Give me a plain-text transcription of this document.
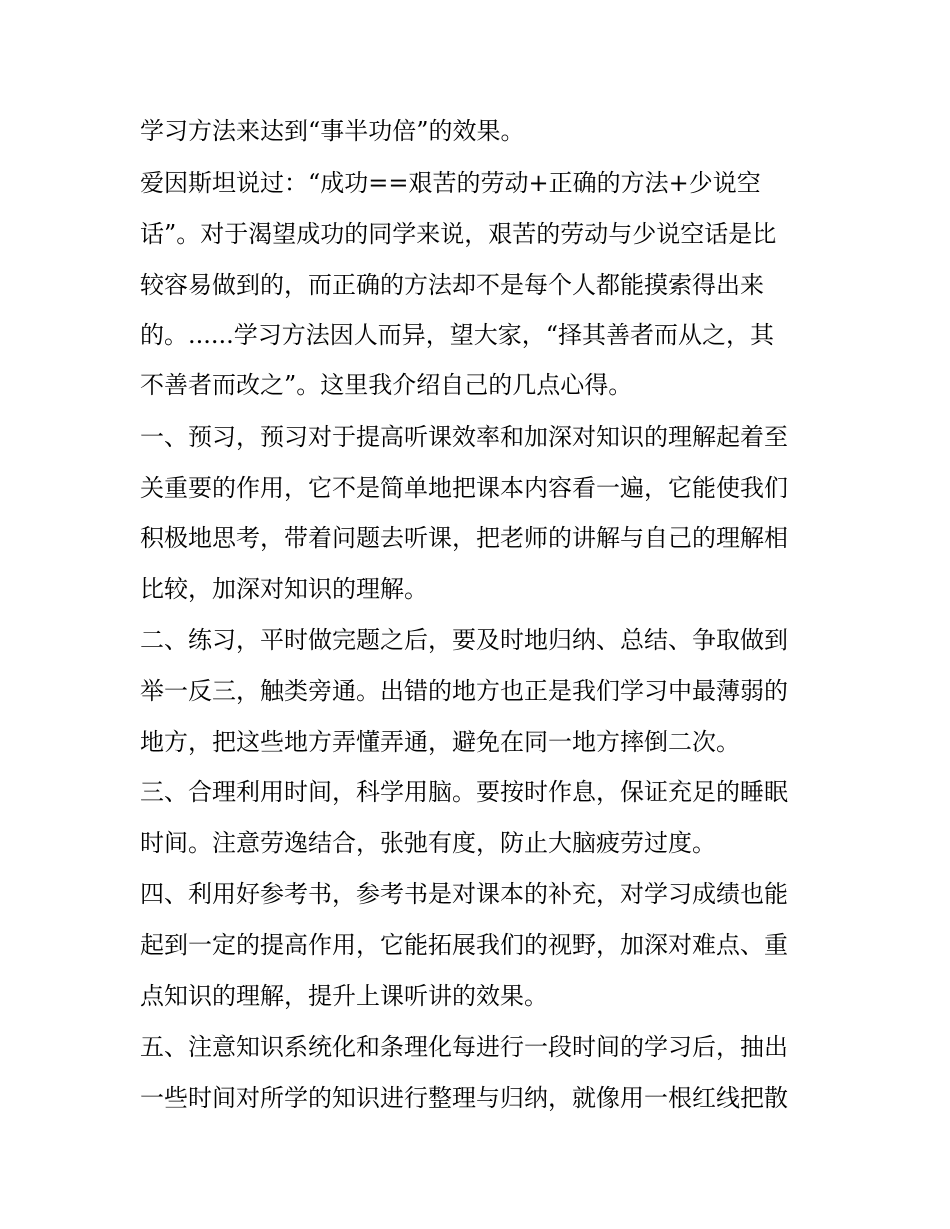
学习方法来达到“事半功倍”的效果。
爱因斯坦说过：“成功==艰苦的劳动+正确的方法+少说空
话”。对于渴望成功的同学来说，艰苦的劳动与少说空话是比
较容易做到的，而正确的方法却不是每个人都能摸索得出来
的。......学习方法因人而异，望大家，“择其善者而从之，其
不善者而改之”。这里我介绍自己的几点心得。
一、预习，预习对于提高听课效率和加深对知识的理解起着至
关重要的作用，它不是简单地把课本内容看一遍，它能使我们
积极地思考，带着问题去听课，把老师的讲解与自己的理解相
比较，加深对知识的理解。
二、练习，平时做完题之后，要及时地归纳、总结、争取做到
举一反三，触类旁通。出错的地方也正是我们学习中最薄弱的
地方，把这些地方弄懂弄通，避免在同一地方摔倒二次。
三、合理利用时间，科学用脑。要按时作息，保证充足的睡眠
时间。注意劳逸结合，张弛有度，防止大脑疲劳过度。
四、利用好参考书，参考书是对课本的补充，对学习成绩也能
起到一定的提高作用，它能拓展我们的视野，加深对难点、重
点知识的理解，提升上课听讲的效果。
五、注意知识系统化和条理化每进行一段时间的学习后，抽出
一些时间对所学的知识进行整理与归纳，就像用一根红线把散
